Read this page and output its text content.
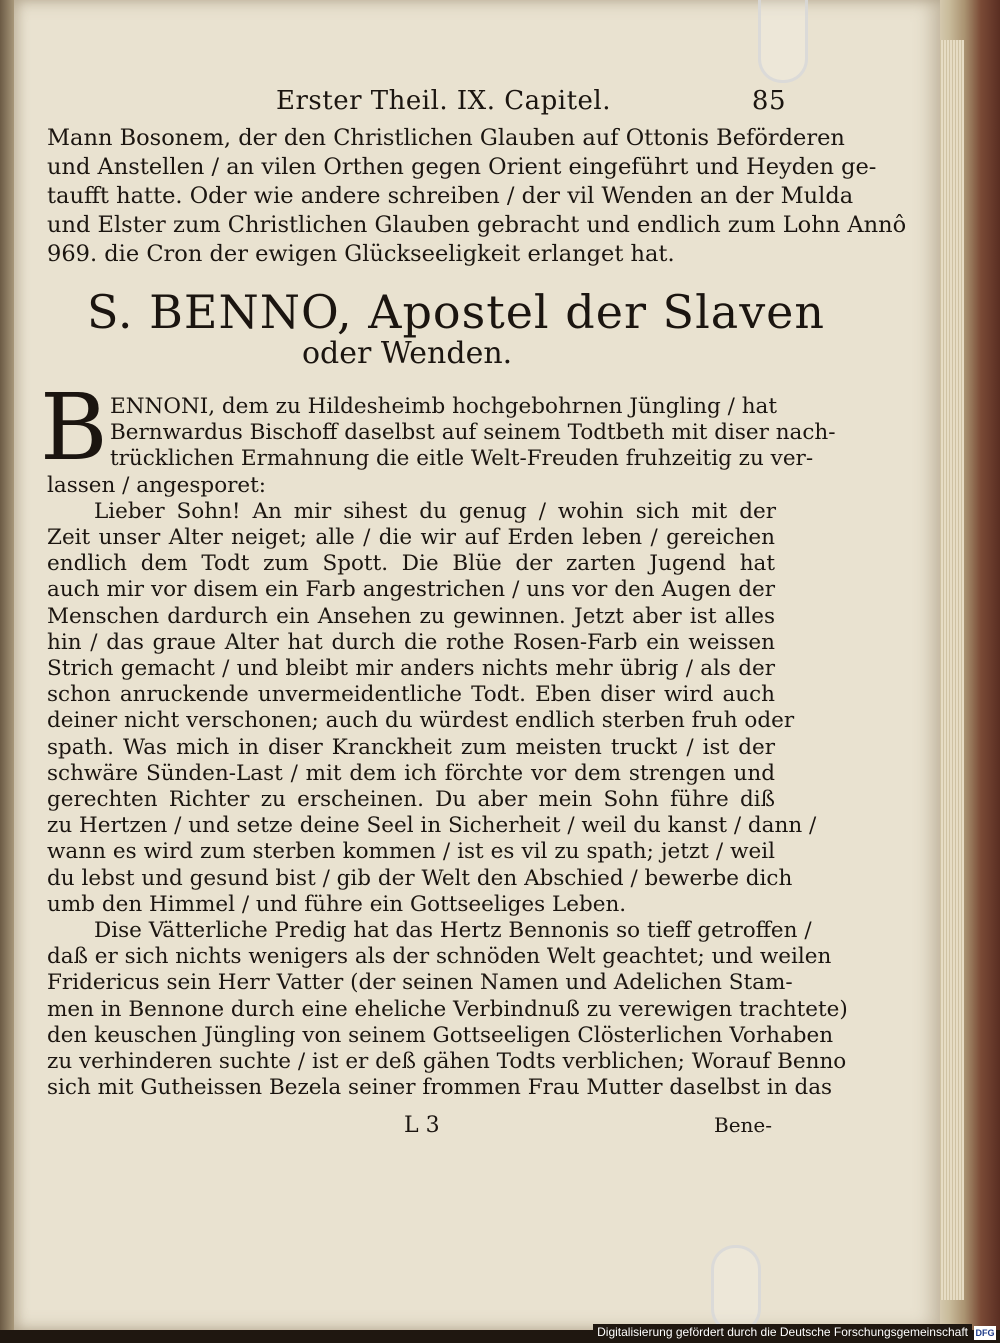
Erster Theil. IX. Capitel.	85
Mann Bosonem, der den Christlichen Glauben auf Ottonis Beförderen
und Anstellen / an vilen Orthen gegen Orient eingeführt und Heyden ge-
taufft hatte. Oder wie andere schreiben / der vil Wenden an der Mulda
und Elster zum Christlichen Glauben gebracht und endlich zum Lohn Annô
969. die Cron der ewigen Glückseeligkeit erlanget hat.
S. BENNO, Apostel der Slaven
oder Wenden.
B ENNONI, dem zu Hildesheimb hochgebohrnen Jüngling / hat
Bernwardus Bischoff daselbst auf seinem Todtbeth mit diser nach-
trücklichen Ermahnung die eitle Welt-Freuden fruhzeitig zu ver-
lassen / angesporet:
Lieber Sohn! An mir sihest du genug / wohin sich mit der
Zeit unser Alter neiget; alle / die wir auf Erden leben / gereichen
endlich dem Todt zum Spott. Die Blüe der zarten Jugend hat
auch mir vor disem ein Farb angestrichen / uns vor den Augen der
Menschen dardurch ein Ansehen zu gewinnen. Jetzt aber ist alles
hin / das graue Alter hat durch die rothe Rosen-Farb ein weissen
Strich gemacht / und bleibt mir anders nichts mehr übrig / als der
schon anruckende unvermeidentliche Todt. Eben diser wird auch
deiner nicht verschonen; auch du würdest endlich sterben fruh oder
spath. Was mich in diser Kranckheit zum meisten truckt / ist der
schwäre Sünden-Last / mit dem ich förchte vor dem strengen und
gerechten Richter zu erscheinen. Du aber mein Sohn führe diß
zu Hertzen / und setze deine Seel in Sicherheit / weil du kanst / dann /
wann es wird zum sterben kommen / ist es vil zu spath; jetzt / weil
du lebst und gesund bist / gib der Welt den Abschied / bewerbe dich
umb den Himmel / und führe ein Gottseeliges Leben.
Dise Vätterliche Predig hat das Hertz Bennonis so tieff getroffen /
daß er sich nichts wenigers als der schnöden Welt geachtet; und weilen
Fridericus sein Herr Vatter (der seinen Namen und Adelichen Stam-
men in Bennone durch eine eheliche Verbindnuß zu verewigen trachtete)
den keuschen Jüngling von seinem Gottseeligen Clösterlichen Vorhaben
zu verhinderen suchte / ist er deß gähen Todts verblichen; Worauf Benno
sich mit Gutheissen Bezela seiner frommen Frau Mutter daselbst in das
L 3	Bene-
Digitalisierung gefördert durch die Deutsche Forschungsgemeinschaft DFG
